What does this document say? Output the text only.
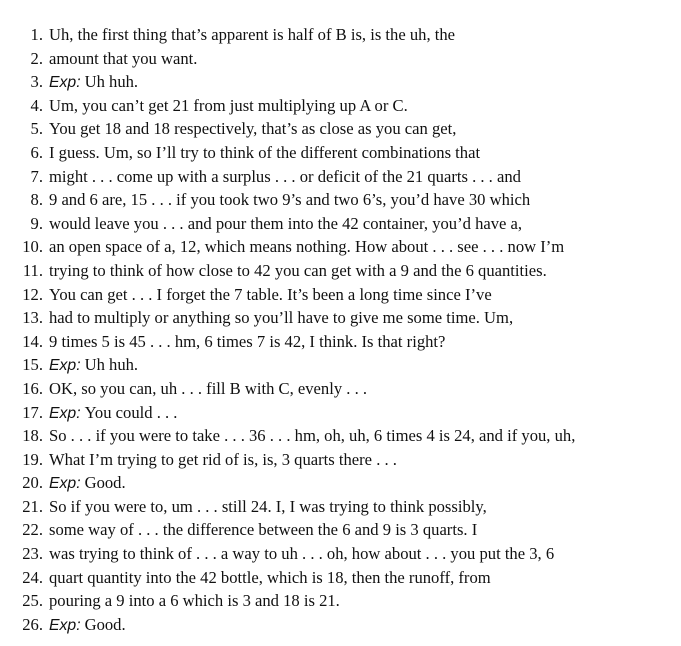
1. Uh, the first thing that’s apparent is half of B is, is the uh, the
2. amount that you want.
3. Exp: Uh huh.
4. Um, you can’t get 21 from just multiplying up A or C.
5. You get 18 and 18 respectively, that’s as close as you can get,
6. I guess. Um, so I’ll try to think of the different combinations that
7. might . . . come up with a surplus . . . or deficit of the 21 quarts . . . and
8. 9 and 6 are, 15 . . . if you took two 9’s and two 6’s, you’d have 30 which
9. would leave you . . . and pour them into the 42 container, you’d have a,
10. an open space of a, 12, which means nothing. How about . . . see . . . now I’m
11. trying to think of how close to 42 you can get with a 9 and the 6 quantities.
12. You can get . . . I forget the 7 table. It’s been a long time since I’ve
13. had to multiply or anything so you’ll have to give me some time. Um,
14. 9 times 5 is 45 . . . hm, 6 times 7 is 42, I think. Is that right?
15. Exp: Uh huh.
16. OK, so you can, uh . . . fill B with C, evenly . . .
17. Exp: You could . . .
18. So . . . if you were to take . . . 36 . . . hm, oh, uh, 6 times 4 is 24, and if you, uh,
19. What I’m trying to get rid of is, is, 3 quarts there . . .
20. Exp: Good.
21. So if you were to, um . . . still 24. I, I was trying to think possibly,
22. some way of . . . the difference between the 6 and 9 is 3 quarts. I
23. was trying to think of . . . a way to uh . . . oh, how about . . . you put the 3, 6
24. quart quantity into the 42 bottle, which is 18, then the runoff, from
25. pouring a 9 into a 6 which is 3 and 18 is 21.
26. Exp: Good.
